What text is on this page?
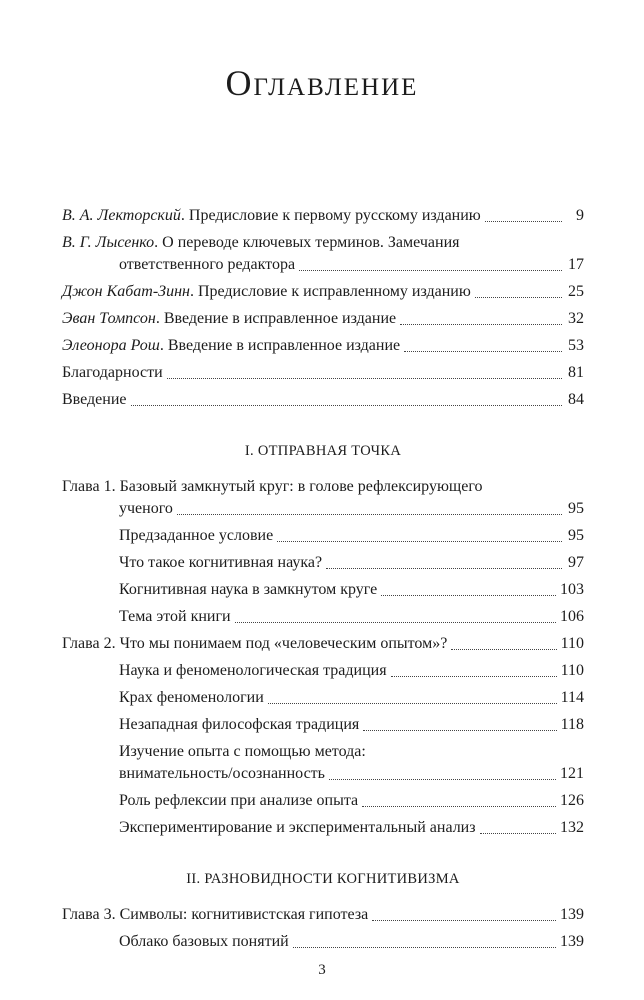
Оглавление
В. А. Лекторский. Предисловие к первому русскому изданию	9
В. Г. Лысенко. О переводе ключевых терминов. Замечания
ответственного редактора	17
Джон Кабат-Зинн. Предисловие к исправленному изданию	25
Эван Томпсон. Введение в исправленное издание	32
Элеонора Рош. Введение в исправленное издание	53
Благодарности	81
Введение	84
I. ОТПРАВНАЯ ТОЧКА
Глава 1. Базовый замкнутый круг: в голове рефлексирующего
ученого	95
Предзаданное условие	95
Что такое когнитивная наука?	97
Когнитивная наука в замкнутом круге	103
Тема этой книги	106
Глава 2. Что мы понимаем под «человеческим опытом»?	110
Наука и феноменологическая традиция	110
Крах феноменологии	114
Незападная философская традиция	118
Изучение опыта с помощью метода:
внимательность/осознанность	121
Роль рефлексии при анализе опыта	126
Экспериментирование и экспериментальный анализ	132
II. РАЗНОВИДНОСТИ КОГНИТИВИЗМА
Глава 3. Символы: когнитивистская гипотеза	139
Облако базовых понятий	139
3
